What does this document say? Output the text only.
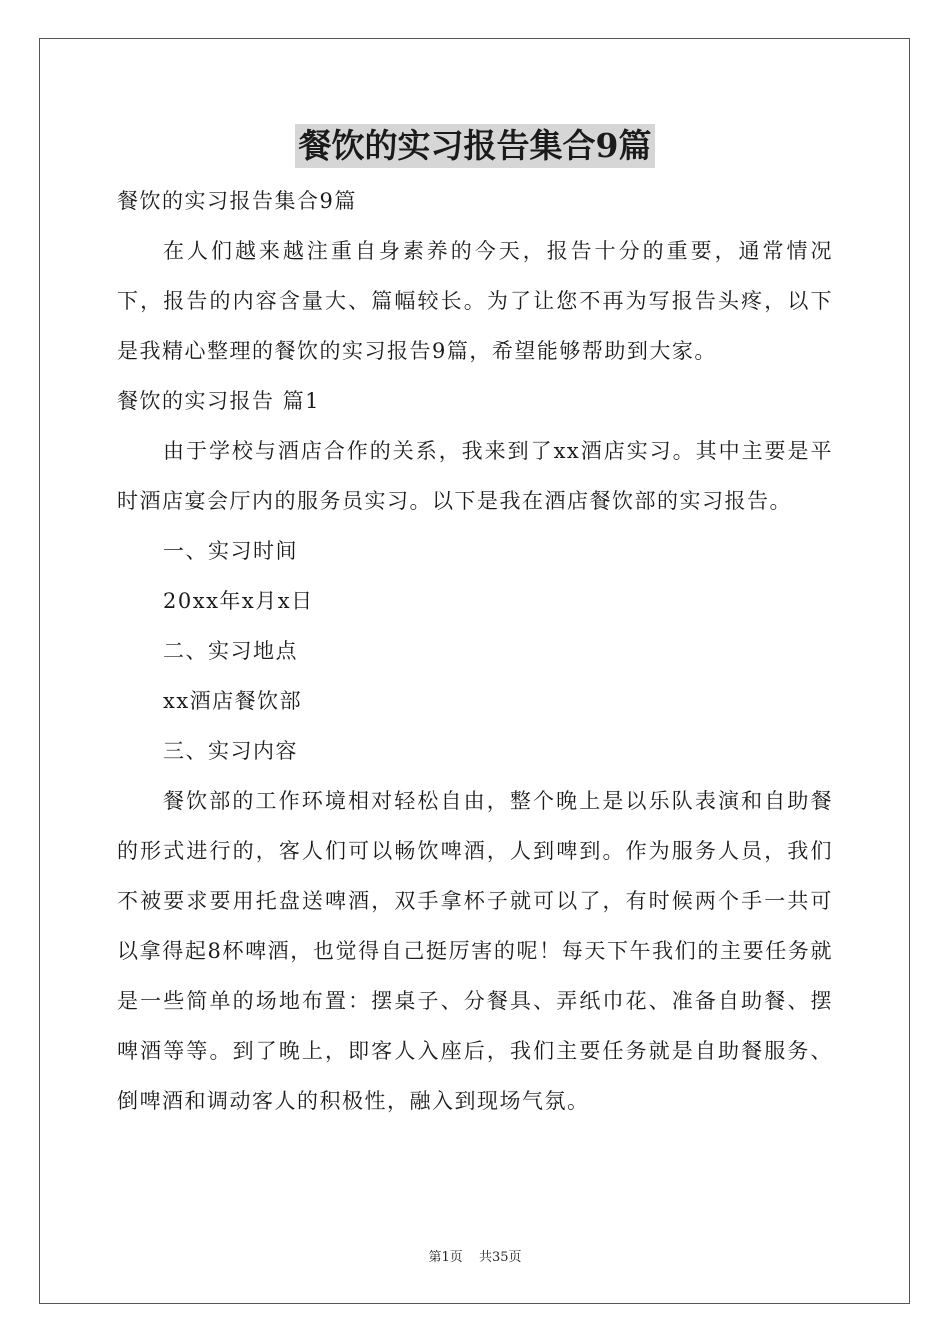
餐饮的实习报告集合9篇

餐饮的实习报告集合9篇

在人们越来越注重自身素养的今天，报告十分的重要，通常情况下，报告的内容含量大、篇幅较长。为了让您不再为写报告头疼，以下是我精心整理的餐饮的实习报告9篇，希望能够帮助到大家。

餐饮的实习报告 篇1

由于学校与酒店合作的关系，我来到了xx酒店实习。其中主要是平时酒店宴会厅内的服务员实习。以下是我在酒店餐饮部的实习报告。

一、实习时间

20xx年x月x日

二、实习地点

xx酒店餐饮部

三、实习内容

餐饮部的工作环境相对轻松自由，整个晚上是以乐队表演和自助餐的形式进行的，客人们可以畅饮啤酒，人到啤到。作为服务人员，我们不被要求要用托盘送啤酒，双手拿杯子就可以了，有时候两个手一共可以拿得起8杯啤酒，也觉得自己挺厉害的呢！每天下午我们的主要任务就是一些简单的场地布置：摆桌子、分餐具、弄纸巾花、准备自助餐、摆啤酒等等。到了晚上，即客人入座后，我们主要任务就是自助餐服务、倒啤酒和调动客人的积极性，融入到现场气氛。

第1页 共35页
